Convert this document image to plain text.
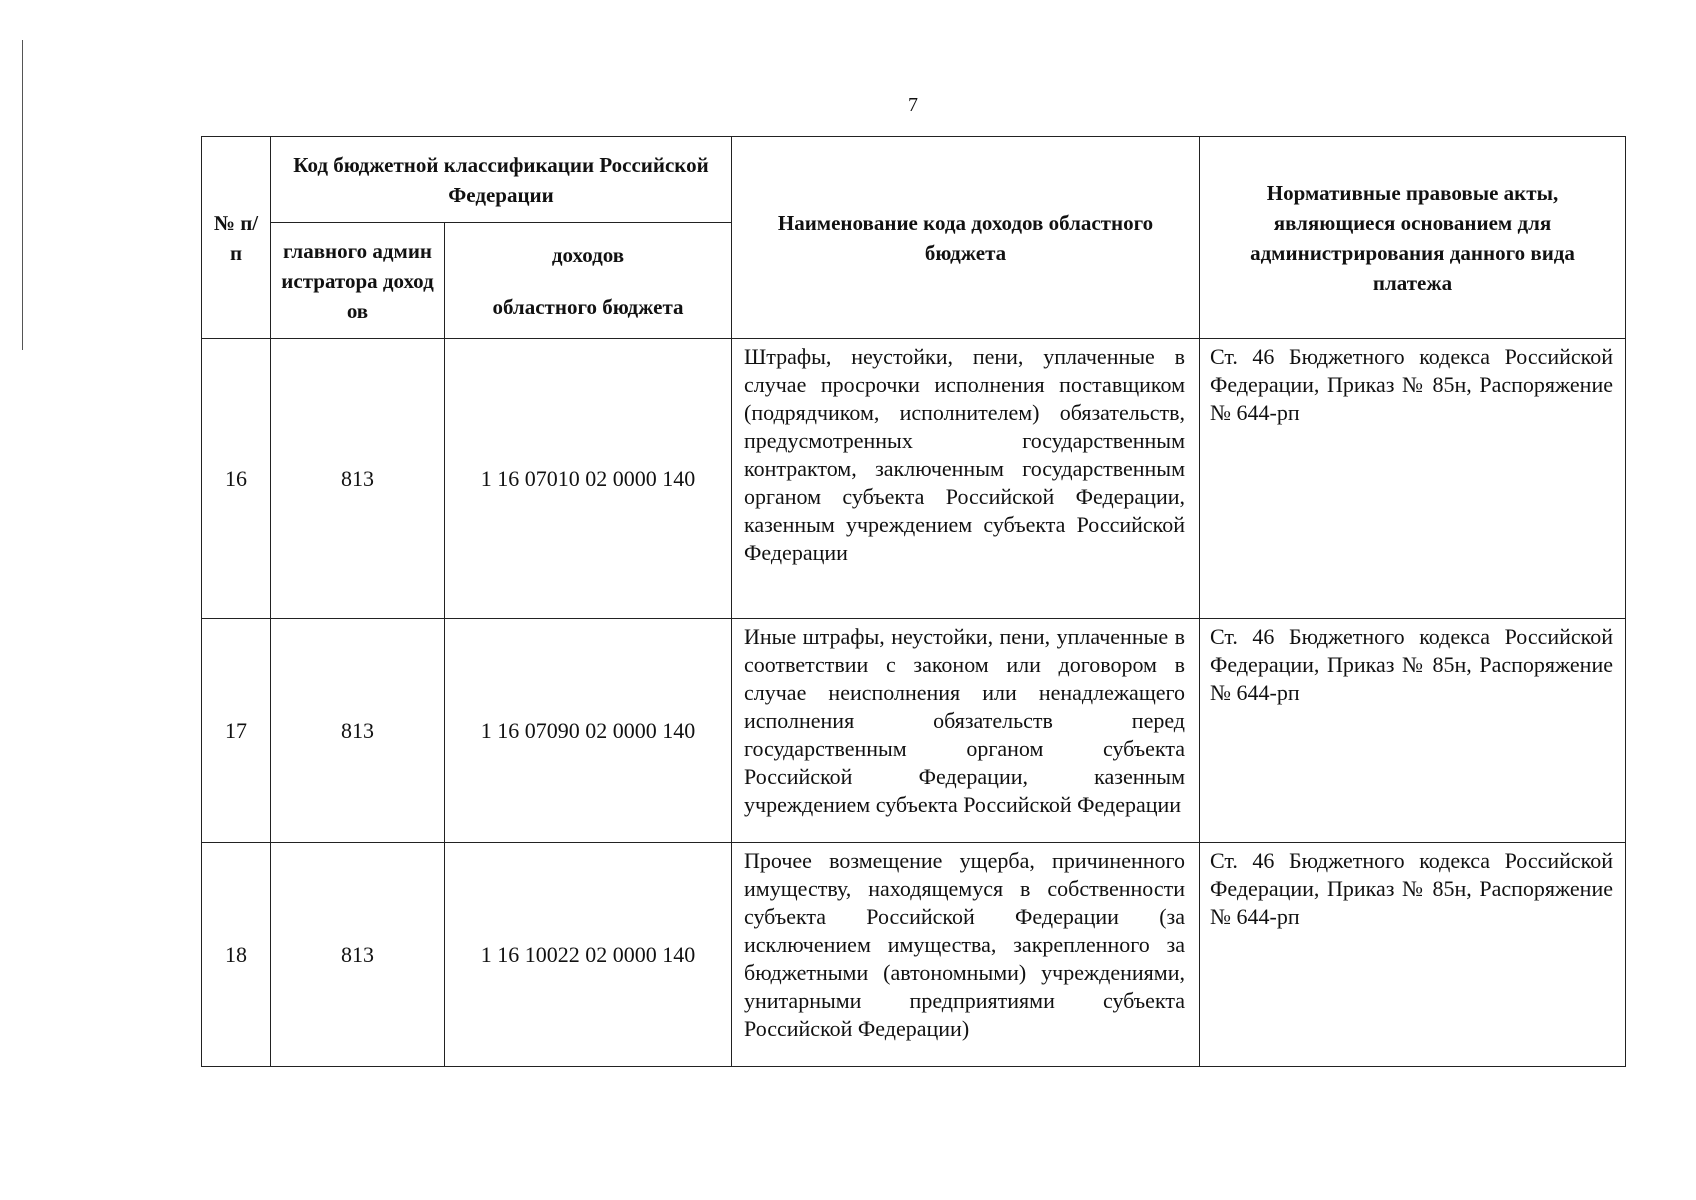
7
№ п/п	Код бюджетной классификации Российской Федерации		Наименование кода доходов областного бюджета	Нормативные правовые акты, являющиеся основанием для администрирования данного вида платежа

	главного администратора доходов	доходов
областного бюджета		

16	813	1 16 07010 02 0000 140	Штрафы, неустойки, пени, уплаченные в случае просрочки исполнения поставщиком (подрядчиком, исполнителем) обязательств, предусмотренных государственным контрактом, заключенным государственным органом субъекта Российской Федерации, казенным учреждением субъекта Российской Федерации	Ст. 46 Бюджетного кодекса Российской Федерации, Приказ № 85н, Распоряжение № 644-рп
17	813	1 16 07090 02 0000 140	Иные штрафы, неустойки, пени, уплаченные в соответствии с законом или договором в случае неисполнения или ненадлежащего исполнения обязательств перед государственным органом субъекта Российской Федерации, казенным учреждением субъекта Российской Федерации	Ст. 46 Бюджетного кодекса Российской Федерации, Приказ № 85н, Распоряжение № 644-рп
18	813	1 16 10022 02 0000 140	Прочее возмещение ущерба, причиненного имуществу, находящемуся в собственности субъекта Российской Федерации (за исключением имущества, закрепленного за бюджетными (автономными) учреждениями, унитарными предприятиями субъекта Российской Федерации)	Ст. 46 Бюджетного кодекса Российской Федерации, Приказ № 85н, Распоряжение № 644-рп
